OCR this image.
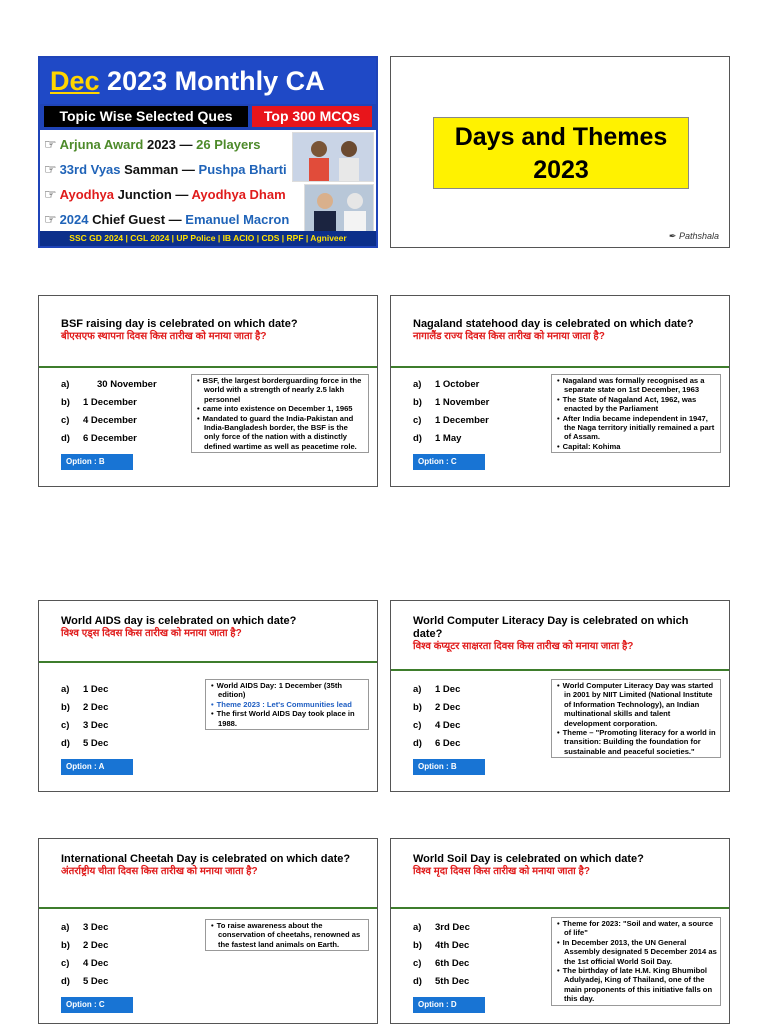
Dec 2023 Monthly CA
Topic Wise Selected Ques	Top 300 MCQs
☞ Arjuna Award 2023 — 26 Players
☞ 33rd Vyas Samman — Pushpa Bharti
☞ Ayodhya Junction — Ayodhya Dham
☞ 2024 Chief Guest — Emanuel Macron
SSC GD 2024 | CGL 2024 | UP Police | IB ACIO | CDS | RPF | Agniveer
Days and Themes
2023
✒ Pathshala
BSF raising day is celebrated on which date?
बीएसएफ स्थापना दिवस किस तारीख को मनाया जाता है?
a)	30 November
b) 1 December
c) 4 December
d) 6 December
Option : B
• BSF, the largest borderguarding force in the world with a strength of nearly 2.5 lakh personnel
• came into existence on December 1, 1965
• Mandated to guard the India-Pakistan and India-Bangladesh border, the BSF is the only force of the nation with a distinctly defined wartime as well as peacetime role.
Nagaland statehood day is celebrated on which date?
नागालैंड राज्य दिवस किस तारीख को मनाया जाता है?
a) 1 October
b) 1 November
c) 1 December
d) 1 May
Option : C
• Nagaland was formally recognised as a separate state on 1st December, 1963
• The State of Nagaland Act, 1962, was enacted by the Parliament
• After India became independent in 1947, the Naga territory initially remained a part of Assam.
• Capital: Kohima
World AIDS day is celebrated on which date?
विश्व एड्स दिवस किस तारीख को मनाया जाता है?
a) 1 Dec
b) 2 Dec
c) 3 Dec
d) 5 Dec
Option : A
• World AIDS Day: 1 December (35th edition)
• Theme 2023 : Let's Communities lead
• The first World AIDS Day took place in 1988.
World Computer Literacy Day is celebrated on which date?
विश्व कंप्यूटर साक्षरता दिवस किस तारीख को मनाया जाता है?
a) 1 Dec
b) 2 Dec
c) 4 Dec
d) 6 Dec
Option : B
• World Computer Literacy Day was started in 2001 by NIIT Limited (National Institute of Information Technology), an Indian multinational skills and talent development corporation.
• Theme – "Promoting literacy for a world in transition: Building the foundation for sustainable and peaceful societies."
International Cheetah Day is celebrated on which date?
अंतर्राष्ट्रीय चीता दिवस किस तारीख को मनाया जाता है?
a) 3 Dec
b) 2 Dec
c) 4 Dec
d) 5 Dec
Option : C
• To raise awareness about the conservation of cheetahs, renowned as the fastest land animals on Earth.
World Soil Day is celebrated on which date?
विश्व मृदा दिवस किस तारीख को मनाया जाता है?
a) 3rd Dec
b) 4th Dec
c) 6th Dec
d) 5th Dec
Option : D
• Theme for 2023: "Soil and water, a source of life"
• In December 2013, the UN General Assembly designated 5 December 2014 as the 1st official World Soil Day.
• The birthday of late H.M. King Bhumibol Adulyadej, King of Thailand, one of the main proponents of this initiative falls on this day.
